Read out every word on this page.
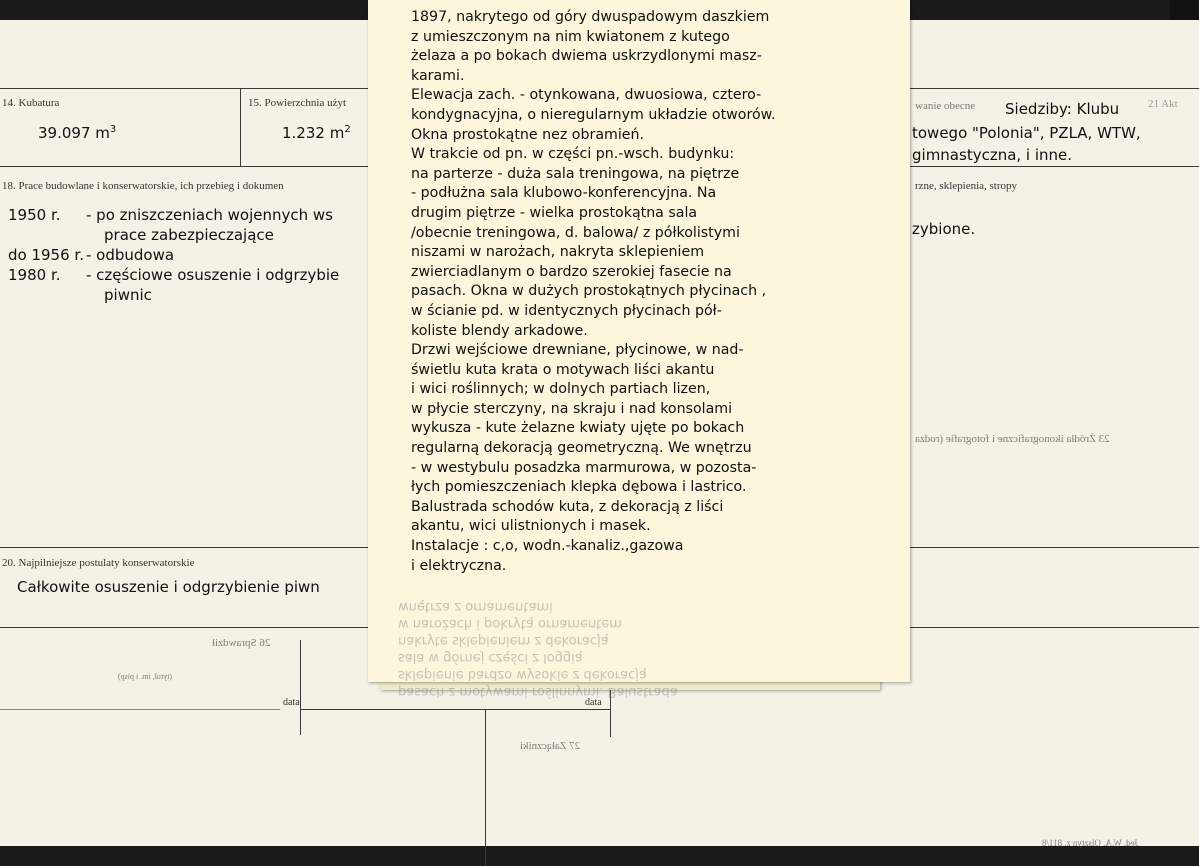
14. Kubatura
39.097 $m^3$
15. Powierzchnia użyt
1.232 $m^2$
wanie obecne	21 Akt
Siedziby: Klubu
towego "Polonia", PZLA, WTW,
gimnastyczna, i inne.
18. Prace budowlane i konserwatorskie, ich przebieg i dokumen
1950 r. - po zniszczeniach wojennych ws
prace zabezpieczające
do 1956 r. - odbudowa
1980 r. - częściowe osuszenie i odgrzybie
piwnic
rzne, sklepienia, stropy
zybione.
23 Źródła ikonograficzne i fotografie (rodza
20. Najpilniejsze postulaty konserwatorskie
Całkowite osuszenie i odgrzybienie piwn
26 Sprawdził
(tytuł, im. i pisp)
data	data
27 Załączniki
Jed. W.A. Olsztyn z. 811/8
pasach z motywami roślinnymi. Balustrada
sklepienie bardzo wysokie z dekoracją
sala w górnej części z loggią
nakryte sklepieniem z dekoracją
w narożach i pokrytą ornamentem
wnętrza z ornamentami
1897, nakrytego od góry dwuspadowym daszkiem
z umieszczonym na nim kwiatonem z kutego
żelaza a po bokach dwiema uskrzydlonymi masz-
karami.
Elewacja zach. - otynkowana, dwuosiowa, cztero-
kondygnacyjna, o nieregularnym układzie otworów.
Okna prostokątne nez obramień.
W trakcie od pn. w części pn.-wsch. budynku:
na parterze - duża sala treningowa, na piętrze
- podłużna sala klubowo-konferencyjna. Na
drugim piętrze - wielka prostokątna sala
/obecnie treningowa, d. balowa/ z półkolistymi
niszami w narożach, nakryta sklepieniem
zwierciadlanym o bardzo szerokiej fasecie na
pasach. Okna w dużych prostokątnych płycinach ,
w ścianie pd. w identycznych płycinach pół-
koliste blendy arkadowe.
Drzwi wejściowe drewniane, płycinowe, w nad-
świetlu kuta krata o motywach liści akantu
i wici roślinnych; w dolnych partiach lizen,
w płycie sterczyny, na skraju i nad konsolami
wykusza - kute żelazne kwiaty ujęte po bokach
regularną dekoracją geometryczną. We wnętrzu
- w westybulu posadzka marmurowa, w pozosta-
łych pomieszczeniach klepka dębowa i lastrico.
Balustrada schodów kuta, z dekoracją z liści
akantu, wici ulistnionych i masek.
Instalacje : c,o, wodn.-kanaliz.,gazowa
i elektryczna.
